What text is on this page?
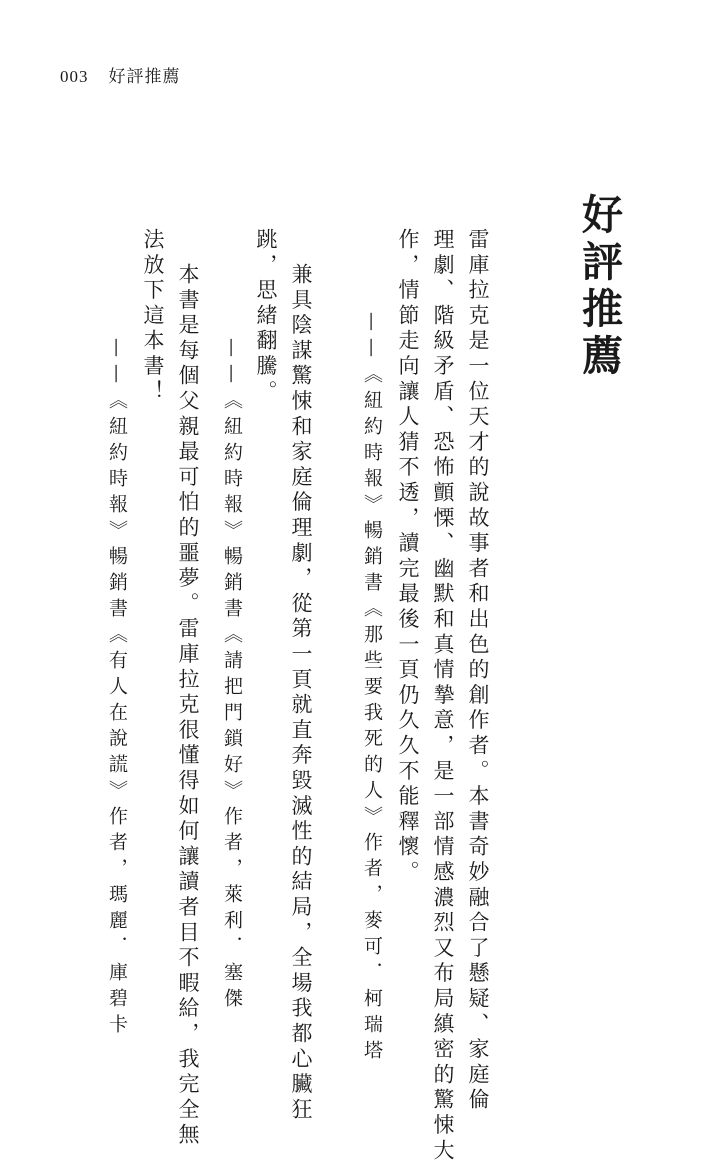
003 好評推薦
好評推薦
雷庫拉克是一位天才的說故事者和出色的創作者。本書奇妙融合了懸疑、家庭倫
理劇、階級矛盾、恐怖顫慄、幽默和真情摯意，是一部情感濃烈又布局縝密的驚悚大
作，情節走向讓人猜不透，讀完最後一頁仍久久不能釋懷。
——《紐約時報》暢銷書《那些要我死的人》作者，麥可．柯瑞塔
兼具陰謀驚悚和家庭倫理劇，從第一頁就直奔毀滅性的結局，全場我都心臟狂
跳，思緒翻騰。
——《紐約時報》暢銷書《請把門鎖好》作者，萊利．塞傑
本書是每個父親最可怕的噩夢。雷庫拉克很懂得如何讓讀者目不暇給，我完全無
法放下這本書！
——《紐約時報》暢銷書《有人在說謊》作者，瑪麗．庫碧卡
